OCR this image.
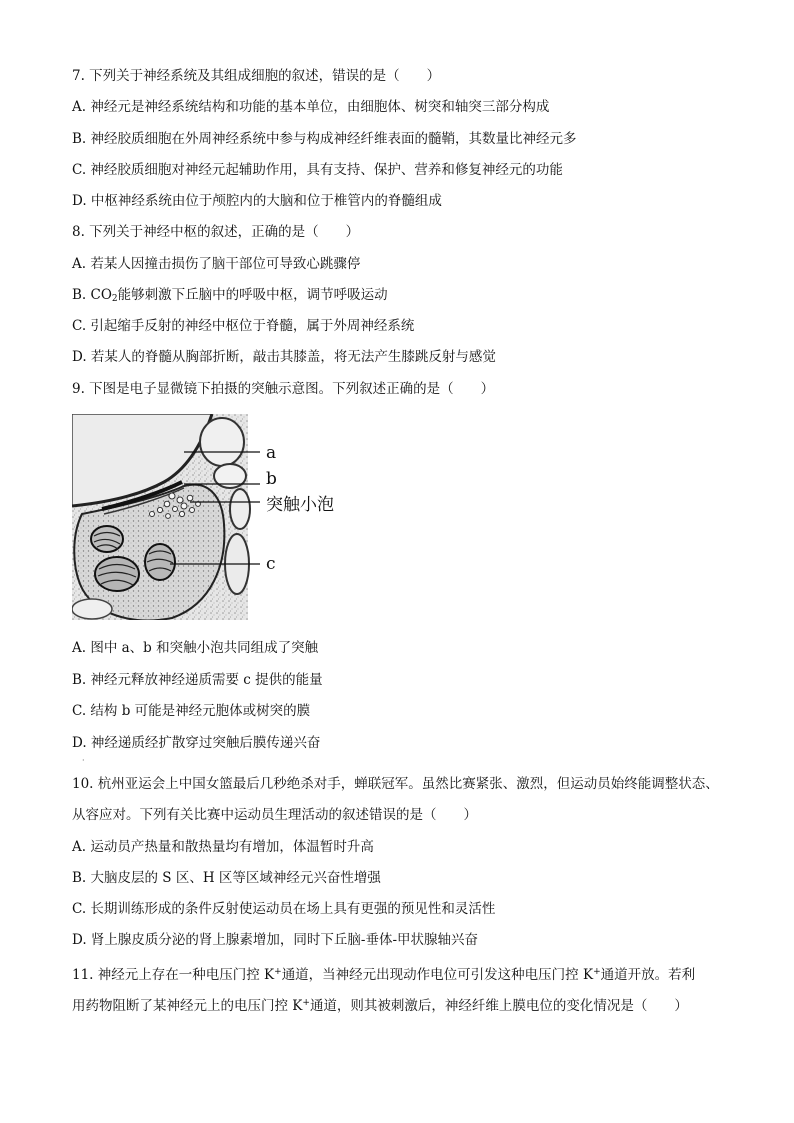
7. 下列关于神经系统及其组成细胞的叙述，错误的是（　　）
A. 神经元是神经系统结构和功能的基本单位，由细胞体、树突和轴突三部分构成
B. 神经胶质细胞在外周神经系统中参与构成神经纤维表面的髓鞘，其数量比神经元多
C. 神经胶质细胞对神经元起辅助作用，具有支持、保护、营养和修复神经元的功能
D. 中枢神经系统由位于颅腔内的大脑和位于椎管内的脊髓组成
8. 下列关于神经中枢的叙述，正确的是（　　）
A. 若某人因撞击损伤了脑干部位可导致心跳骤停
B. $CO_2$能够刺激下丘脑中的呼吸中枢，调节呼吸运动
C. 引起缩手反射的神经中枢位于脊髓，属于外周神经系统
D. 若某人的脊髓从胸部折断，敲击其膝盖，将无法产生膝跳反射与感觉
9. 下图是电子显微镜下拍摄的突触示意图。下列叙述正确的是（　　）
a
b
突触小泡
c
A. 图中 a、b 和突触小泡共同组成了突触
B. 神经元释放神经递质需要 c 提供的能量
C. 结构 b 可能是神经元胞体或树突的膜
D. 神经递质经扩散穿过突触后膜传递兴奋
·
10. 杭州亚运会上中国女篮最后几秒绝杀对手，蝉联冠军。虽然比赛紧张、激烈，但运动员始终能调整状态、
从容应对。下列有关比赛中运动员生理活动的叙述错误的是（　　）
A. 运动员产热量和散热量均有增加，体温暂时升高
B. 大脑皮层的 S 区、H 区等区域神经元兴奋性增强
C. 长期训练形成的条件反射使运动员在场上具有更强的预见性和灵活性
D. 肾上腺皮质分泌的肾上腺素增加，同时下丘脑-垂体-甲状腺轴兴奋
11. 神经元上存在一种电压门控 K+通道，当神经元出现动作电位可引发这种电压门控 K+通道开放。若利
用药物阻断了某神经元上的电压门控 K+通道，则其被刺激后，神经纤维上膜电位的变化情况是（　　）
